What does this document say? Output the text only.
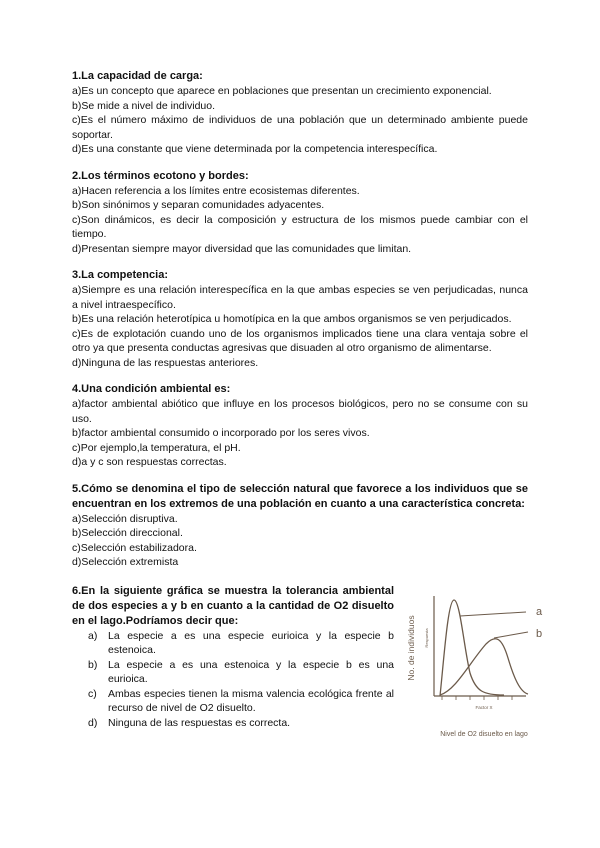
1.La capacidad de carga:

a)Es un concepto que aparece en poblaciones que presentan un crecimiento exponencial.

b)Se mide a nivel de individuo.

c)Es el número máximo de individuos de una población que un determinado ambiente puede soportar.

d)Es una constante que viene determinada por la competencia interespecífica.

2.Los términos ecotono y bordes:

a)Hacen referencia a los límites entre ecosistemas diferentes.

b)Son sinónimos y separan comunidades adyacentes.

c)Son dinámicos, es decir la composición y estructura de los mismos puede cambiar con el tiempo.

d)Presentan siempre mayor diversidad que las comunidades que limitan.

3.La competencia:

a)Siempre es una relación interespecífica en la que ambas especies se ven perjudicadas, nunca a nivel intraespecífico.

b)Es una relación heterotípica u homotípica en la que ambos organismos se ven perjudicados.

c)Es de explotación cuando uno de los organismos implicados tiene una clara ventaja sobre el otro ya que presenta conductas agresivas que disuaden al otro organismo de alimentarse.

d)Ninguna de las respuestas anteriores.

4.Una condición ambiental es:

a)factor ambiental abiótico que influye en los procesos biológicos, pero no se consume con su uso.

b)factor ambiental consumido o incorporado por los seres vivos.

c)Por ejemplo,la temperatura, el pH.

d)a y c son respuestas correctas.

5.Cómo se denomina el tipo de selección natural que favorece a los individuos que se encuentran en los extremos de una población en cuanto a una característica concreta:

a)Selección disruptiva.

b)Selección direccional.

c)Selección estabilizadora.

d)Selección extremista

6.En la siguiente gráfica se muestra la tolerancia ambiental de dos especies a y b en cuanto a la cantidad de O2 disuelto en el lago.Podríamos decir que:

a) La especie a es una especie eurioica y la especie b estenoica.
b) La especie a es una estenoica y la especie b es una eurioica.
c) Ambas especies tienen la misma valencia ecológica frente al recurso de nivel de O2 disuelto.
d) Ninguna de las respuestas es correcta.
No. de individuos Respuesta
a
b
Factor X
Nivel de O2 disuelto en lago
